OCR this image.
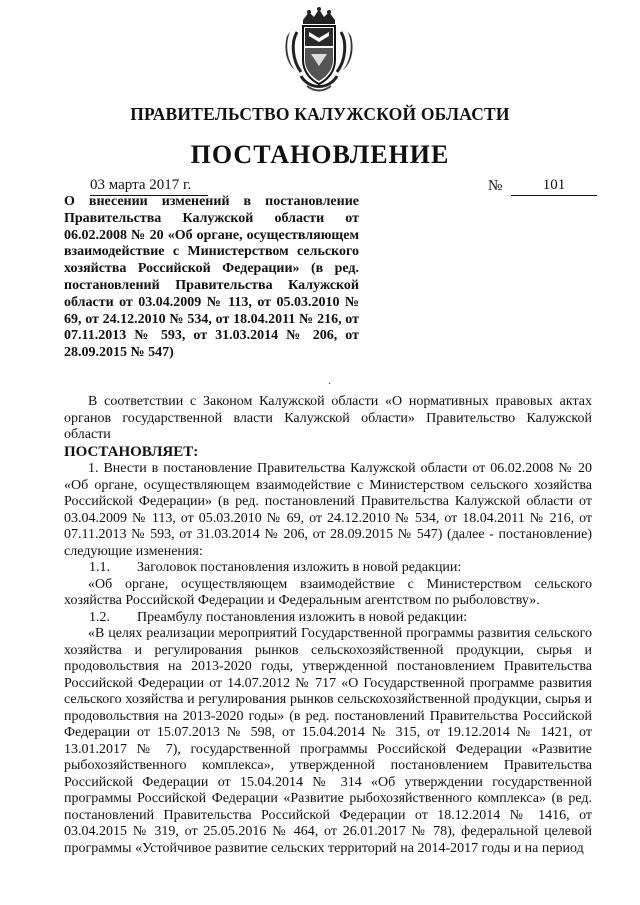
ПРАВИТЕЛЬСТВО КАЛУЖСКОЙ ОБЛАСТИ
ПОСТАНОВЛЕНИЕ
03 марта 2017 г.	№	101
О внесении изменений в постановление Правительства Калужской области от 06.02.2008 № 20 «Об органе, осуществляющем взаимодействие с Министерством сельского хозяйства Российской Федерации» (в ред. постановлений Правительства Калужской области от 03.04.2009 № 113, от 05.03.2010 № 69, от 24.12.2010 № 534, от 18.04.2011 № 216, от 07.11.2013 № 593, от 31.03.2014 № 206, от 28.09.2015 № 547)
·

В соответствии с Законом Калужской области «О нормативных правовых актах органов государственной власти Калужской области» Правительство Калужской области

ПОСТАНОВЛЯЕТ:

1. Внести в постановление Правительства Калужской области от 06.02.2008 № 20 «Об органе, осуществляющем взаимодействие с Министерством сельского хозяйства Российской Федерации» (в ред. постановлений Правительства Калужской области от 03.04.2009 № 113, от 05.03.2010 № 69, от 24.12.2010 № 534, от 18.04.2011 № 216, от 07.11.2013 № 593, от 31.03.2014 № 206, от 28.09.2015 № 547) (далее - постановление) следующие изменения:

1.1. Заголовок постановления изложить в новой редакции:

«Об органе, осуществляющем взаимодействие с Министерством сельского хозяйства Российской Федерации и Федеральным агентством по рыболовству».

1.2. Преамбулу постановления изложить в новой редакции:

«В целях реализации мероприятий Государственной программы развития сельского хозяйства и регулирования рынков сельскохозяйственной продукции, сырья и продовольствия на 2013-2020 годы, утвержденной постановлением Правительства Российской Федерации от 14.07.2012 № 717 «О Государственной программе развития сельского хозяйства и регулирования рынков сельскохозяйственной продукции, сырья и продовольствия на 2013-2020 годы» (в ред. постановлений Правительства Российской Федерации от 15.07.2013 № 598, от 15.04.2014 № 315, от 19.12.2014 № 1421, от 13.01.2017 № 7), государственной программы Российской Федерации «Развитие рыбохозяйственного комплекса», утвержденной постановлением Правительства Российской Федерации от 15.04.2014 № 314 «Об утверждении государственной программы Российской Федерации «Развитие рыбохозяйственного комплекса» (в ред. постановлений Правительства Российской Федерации от 18.12.2014 № 1416, от 03.04.2015 № 319, от 25.05.2016 № 464, от 26.01.2017 № 78), федеральной целевой программы «Устойчивое развитие сельских территорий на 2014-2017 годы и на период
